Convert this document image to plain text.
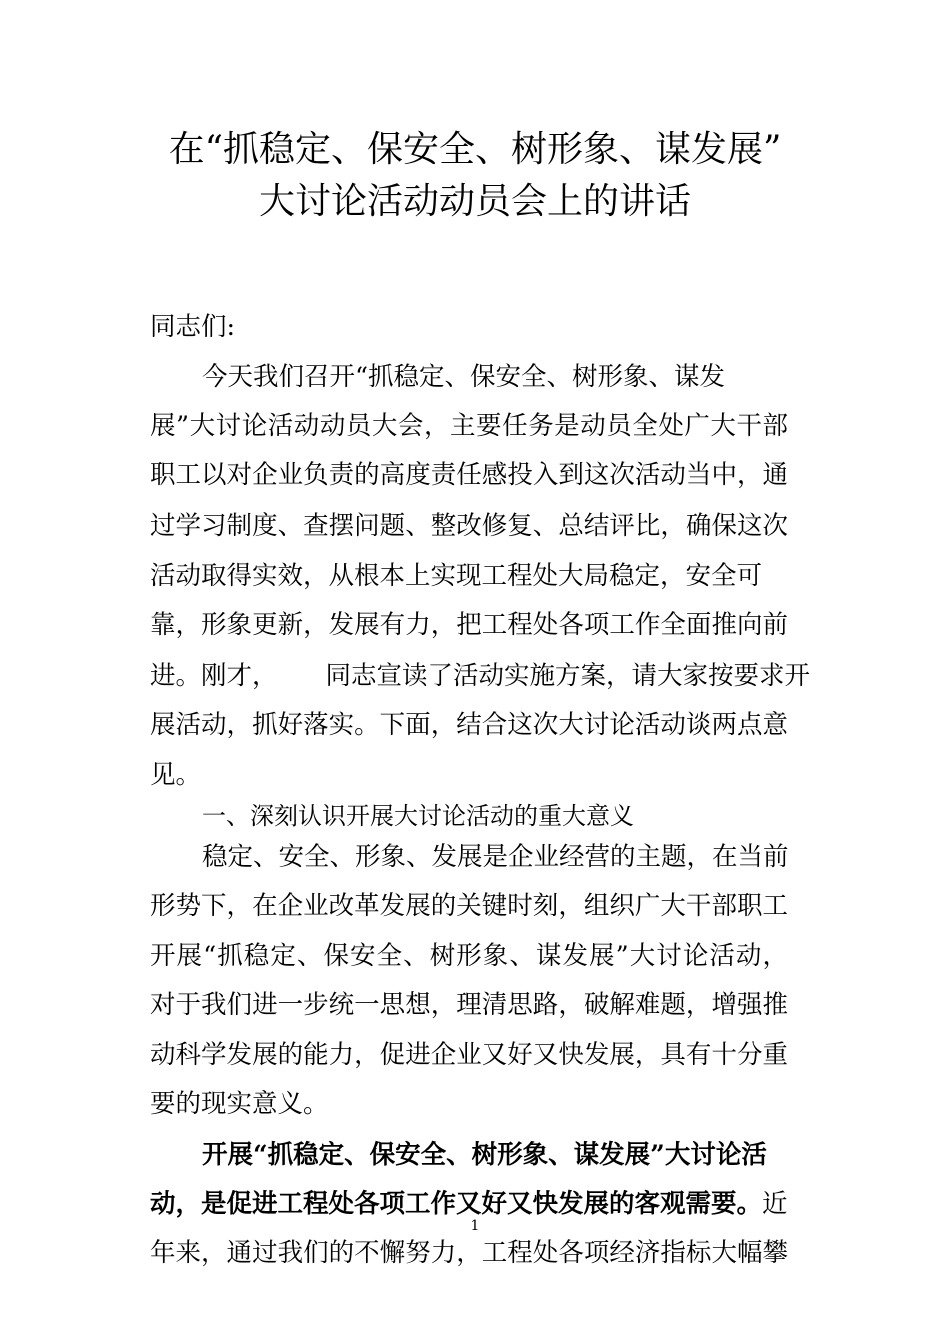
在“抓稳定、保安全、树形象、谋发展”
大讨论活动动员会上的讲话
同志们:
今天我们召开“抓稳定、保安全、树形象、谋发
展”大讨论活动动员大会，主要任务是动员全处广大干部
职工以对企业负责的高度责任感投入到这次活动当中，通
过学习制度、查摆问题、整改修复、总结评比，确保这次
活动取得实效，从根本上实现工程处大局稳定，安全可
靠，形象更新，发展有力，把工程处各项工作全面推向前
进。刚才， 同志宣读了活动实施方案，请大家按要求开
展活动，抓好落实。下面，结合这次大讨论活动谈两点意
见。
一、深刻认识开展大讨论活动的重大意义
稳定、安全、形象、发展是企业经营的主题，在当前
形势下，在企业改革发展的关键时刻，组织广大干部职工
开展“抓稳定、保安全、树形象、谋发展”大讨论活动，
对于我们进一步统一思想，理清思路，破解难题，增强推
动科学发展的能力，促进企业又好又快发展，具有十分重
要的现实意义。
开展“抓稳定、保安全、树形象、谋发展”大讨论活
动，是促进工程处各项工作又好又快发展的客观需要。近
年来，通过我们的不懈努力，工程处各项经济指标大幅攀
1
